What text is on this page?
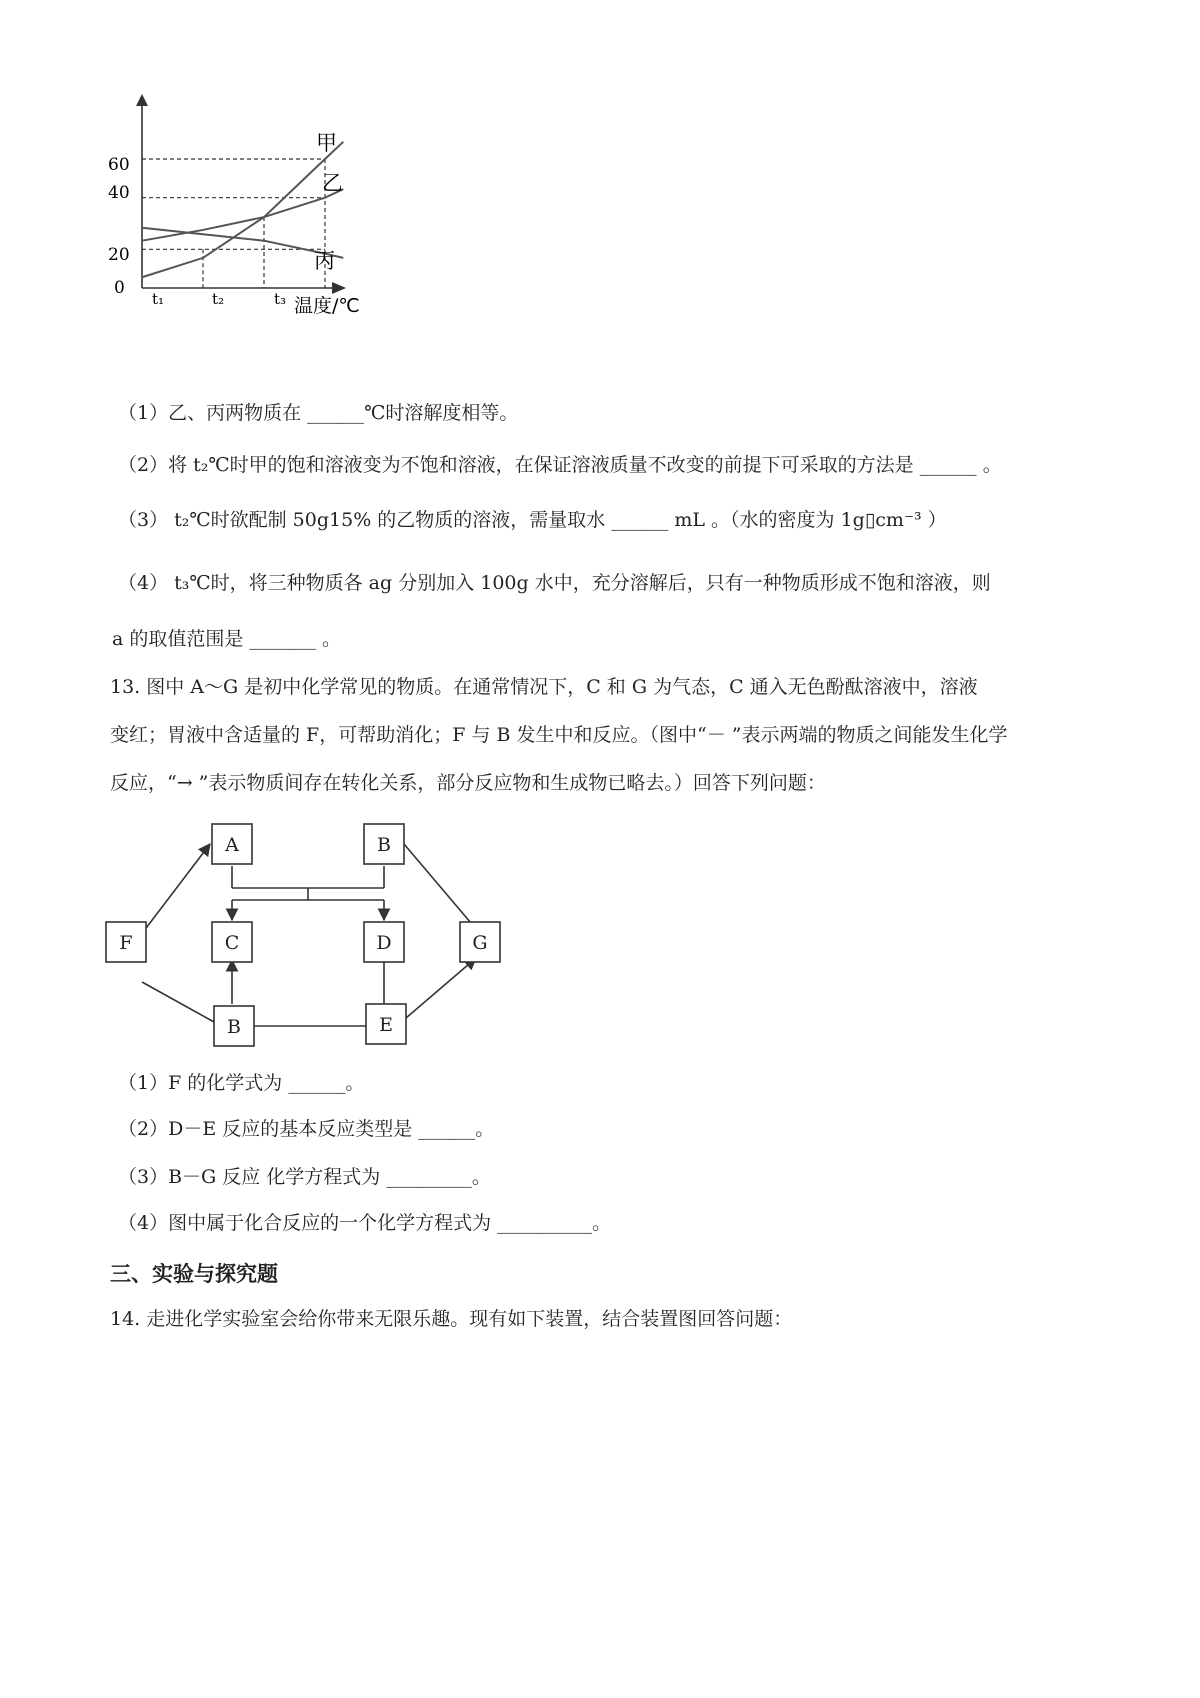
60
40
20
0
t₁	t₂	t₃ 温度/℃
甲
乙
丙
（1）乙、丙两物质在 ______℃时溶解度相等。
（2）将 t₂℃时甲的饱和溶液变为不饱和溶液，在保证溶液质量不改变的前提下可采取的方法是 ______ 。
（3） t₂℃时欲配制 50g15% 的乙物质的溶液，需量取水 ______ mL 。（水的密度为 1g▯cm⁻³ ）
（4） t₃℃时，将三种物质各 ag 分别加入 100g 水中，充分溶解后，只有一种物质形成不饱和溶液，则
a 的取值范围是 _______ 。
13. 图中 A～G 是初中化学常见的物质。在通常情况下，C 和 G 为气态，C 通入无色酚酞溶液中，溶液
变红；胃液中含适量的 F，可帮助消化；F 与 B 发生中和反应。（图中“－ ”表示两端的物质之间能发生化学
反应，“→ ”表示物质间存在转化关系，部分反应物和生成物已略去。）回答下列问题：
A	B
F	C	D	G
B	E
（1）F 的化学式为 ______。
（2）D－E 反应的基本反应类型是 ______。
（3）B－G 反应 化学方程式为 _________。
（4）图中属于化合反应的一个化学方程式为 __________。
三、实验与探究题
14. 走进化学实验室会给你带来无限乐趣。现有如下装置，结合装置图回答问题：
